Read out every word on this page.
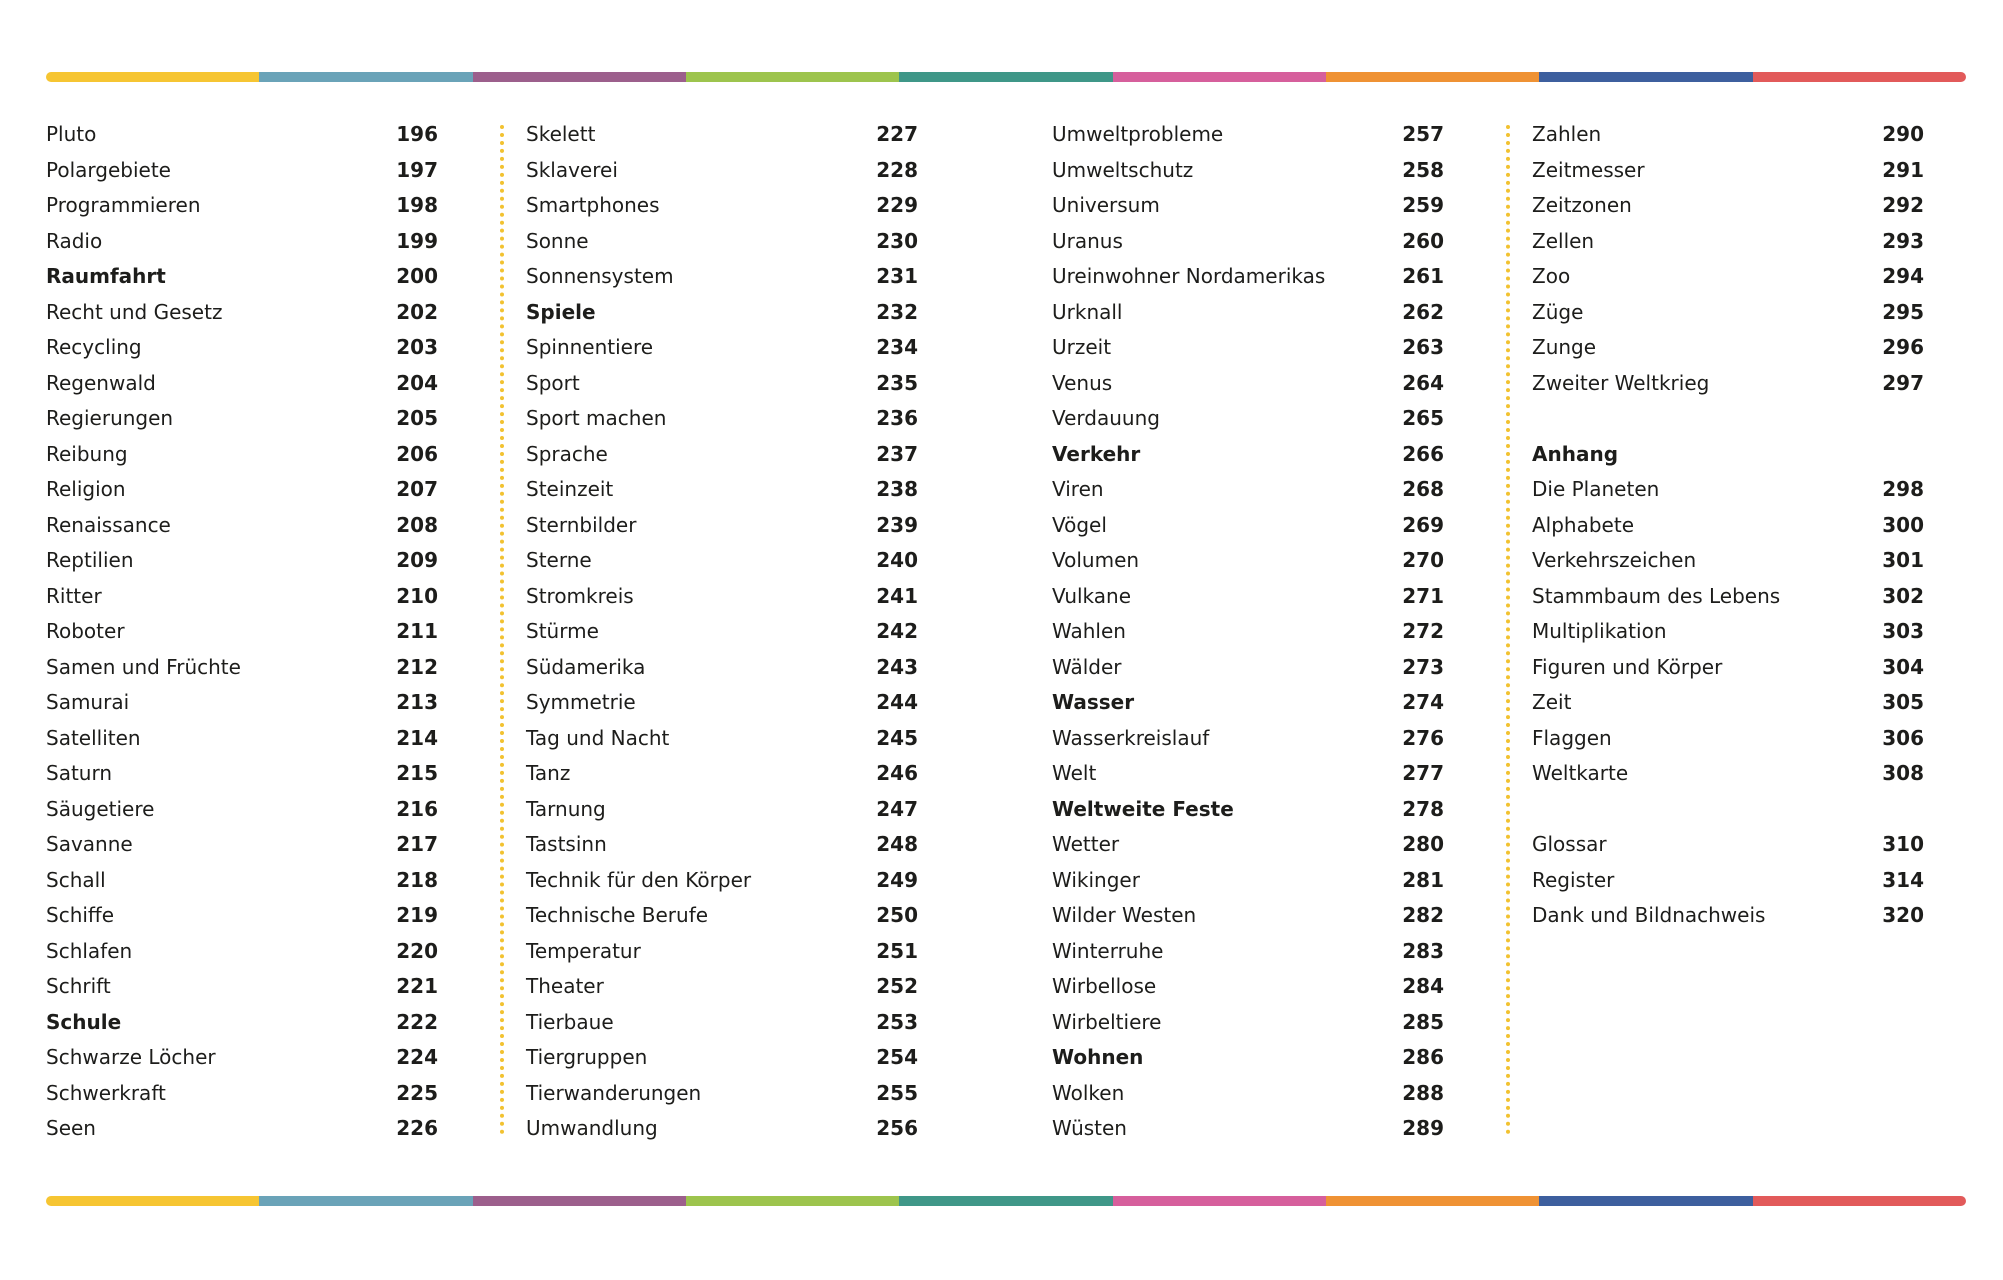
Pluto	196
Polargebiete	197
Programmieren	198
Radio	199
Raumfahrt	200
Recht und Gesetz	202
Recycling	203
Regenwald	204
Regierungen	205
Reibung	206
Religion	207
Renaissance	208
Reptilien	209
Ritter	210
Roboter	211
Samen und Früchte	212
Samurai	213
Satelliten	214
Saturn	215
Säugetiere	216
Savanne	217
Schall	218
Schiffe	219
Schlafen	220
Schrift	221
Schule	222
Schwarze Löcher	224
Schwerkraft	225
Seen	226
Skelett	227
Sklaverei	228
Smartphones	229
Sonne	230
Sonnensystem	231
Spiele	232
Spinnentiere	234
Sport	235
Sport machen	236
Sprache	237
Steinzeit	238
Sternbilder	239
Sterne	240
Stromkreis	241
Stürme	242
Südamerika	243
Symmetrie	244
Tag und Nacht	245
Tanz	246
Tarnung	247
Tastsinn	248
Technik für den Körper	249
Technische Berufe	250
Temperatur	251
Theater	252
Tierbaue	253
Tiergruppen	254
Tierwanderungen	255
Umwandlung	256
Umweltprobleme	257
Umweltschutz	258
Universum	259
Uranus	260
Ureinwohner Nordamerikas	261
Urknall	262
Urzeit	263
Venus	264
Verdauung	265
Verkehr	266
Viren	268
Vögel	269
Volumen	270
Vulkane	271
Wahlen	272
Wälder	273
Wasser	274
Wasserkreislauf	276
Welt	277
Weltweite Feste	278
Wetter	280
Wikinger	281
Wilder Westen	282
Winterruhe	283
Wirbellose	284
Wirbeltiere	285
Wohnen	286
Wolken	288
Wüsten	289
Zahlen	290
Zeitmesser	291
Zeitzonen	292
Zellen	293
Zoo	294
Züge	295
Zunge	296
Zweiter Weltkrieg	297
Anhang
Die Planeten	298
Alphabete	300
Verkehrszeichen	301
Stammbaum des Lebens	302
Multiplikation	303
Figuren und Körper	304
Zeit	305
Flaggen	306
Weltkarte	308
Glossar	310
Register	314
Dank und Bildnachweis	320
